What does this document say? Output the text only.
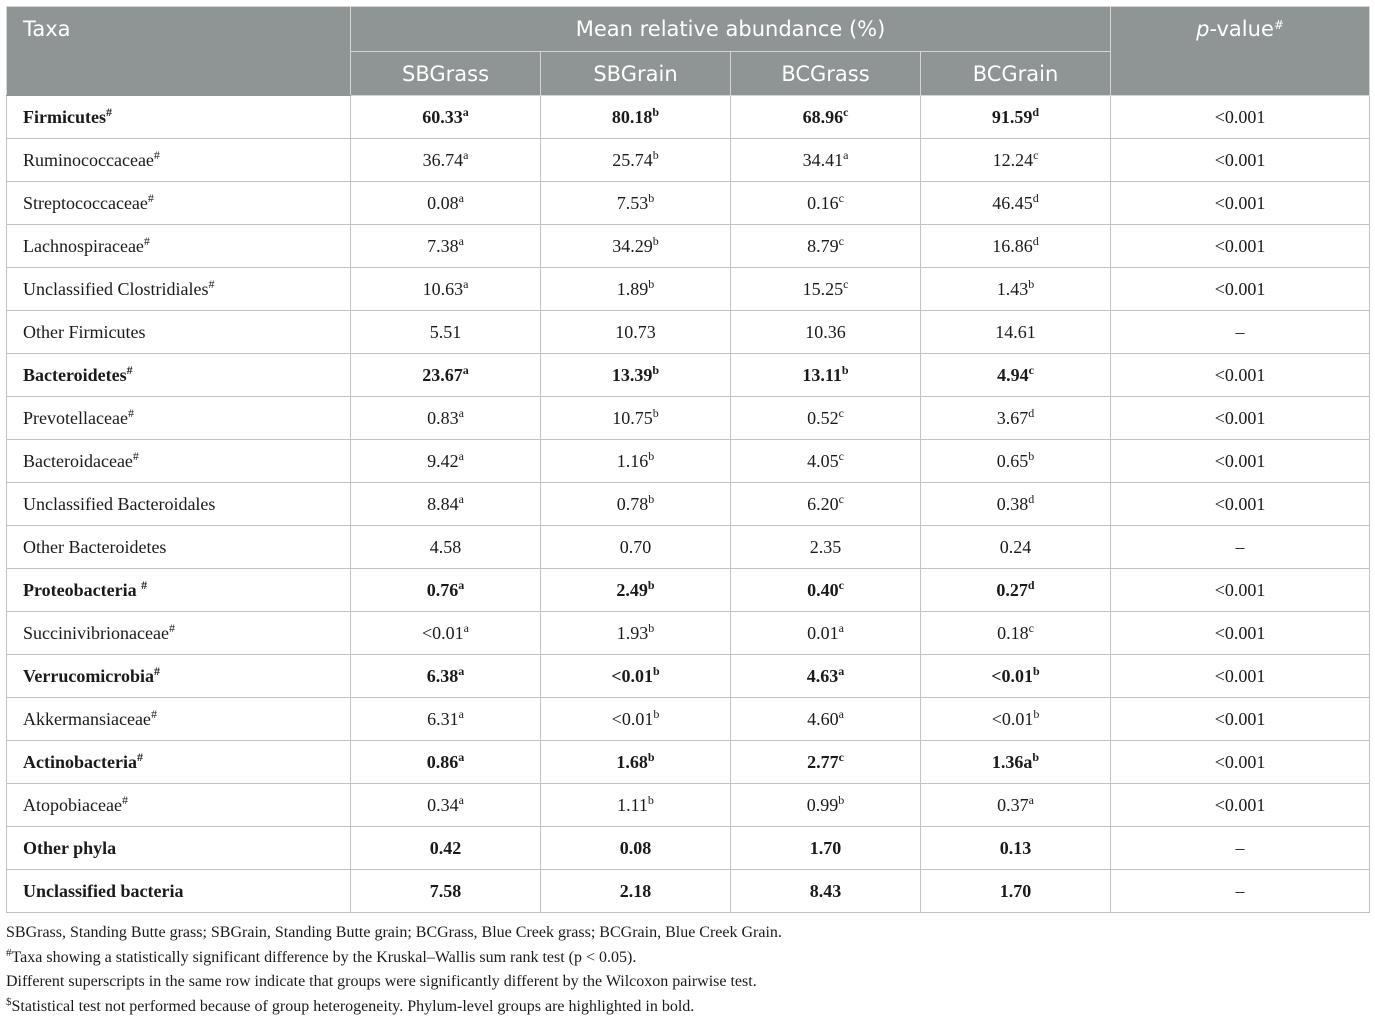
Taxa	Mean relative abundance (%)				p-value#
	SBGrass	SBGrain	BCGrass	BCGrain	
Firmicutes#	60.33$^a$	80.18$^b$	68.96$^c$	91.59$^d$	<0.001
Ruminococcaceae#	36.74$^a$	25.74$^b$	34.41$^a$	12.24$^c$	<0.001
Streptococcaceae#	0.08$^a$	7.53$^b$	0.16$^c$	46.45$^d$	<0.001
Lachnospiraceae#	7.38$^a$	34.29$^b$	8.79$^c$	16.86$^d$	<0.001
Unclassified Clostridiales#	10.63$^a$	1.89$^b$	15.25$^c$	1.43$^b$	<0.001
Other Firmicutes	5.51	10.73	10.36	14.61	–
Bacteroidetes#	23.67$^a$	13.39$^b$	13.11$^b$	4.94$^c$	<0.001
Prevotellaceae#	0.83$^a$	10.75$^b$	0.52$^c$	3.67$^d$	<0.001
Bacteroidaceae#	9.42$^a$	1.16$^b$	4.05$^c$	0.65$^b$	<0.001
Unclassified Bacteroidales	8.84$^a$	0.78$^b$	6.20$^c$	0.38$^d$	<0.001
Other Bacteroidetes	4.58	0.70	2.35	0.24	–
Proteobacteria #	0.76$^a$	2.49$^b$	0.40$^c$	0.27$^d$	<0.001
Succinivibrionaceae#	<0.01$^a$	1.93$^b$	0.01$^a$	0.18$^c$	<0.001
Verrucomicrobia#	6.38$^a$	<0.01$^b$	4.63$^a$	<0.01$^b$	<0.001
Akkermansiaceae#	6.31$^a$	<0.01$^b$	4.60$^a$	<0.01$^b$	<0.001
Actinobacteria#	0.86$^a$	1.68$^b$	2.77$^c$	$1.36a^b$	<0.001
Atopobiaceae#	0.34$^a$	1.11$^b$	0.99$^b$	0.37$^a$	<0.001
Other phyla	0.42	0.08	1.70	0.13	–
Unclassified bacteria	7.58	2.18	8.43	1.70	–
SBGrass, Standing Butte grass; SBGrain, Standing Butte grain; BCGrass, Blue Creek grass; BCGrain, Blue Creek Grain.
#Taxa showing a statistically significant difference by the Kruskal–Wallis sum rank test (p < 0.05).
Different superscripts in the same row indicate that groups were significantly different by the Wilcoxon pairwise test.
$Statistical test not performed because of group heterogeneity. Phylum-level groups are highlighted in bold.
